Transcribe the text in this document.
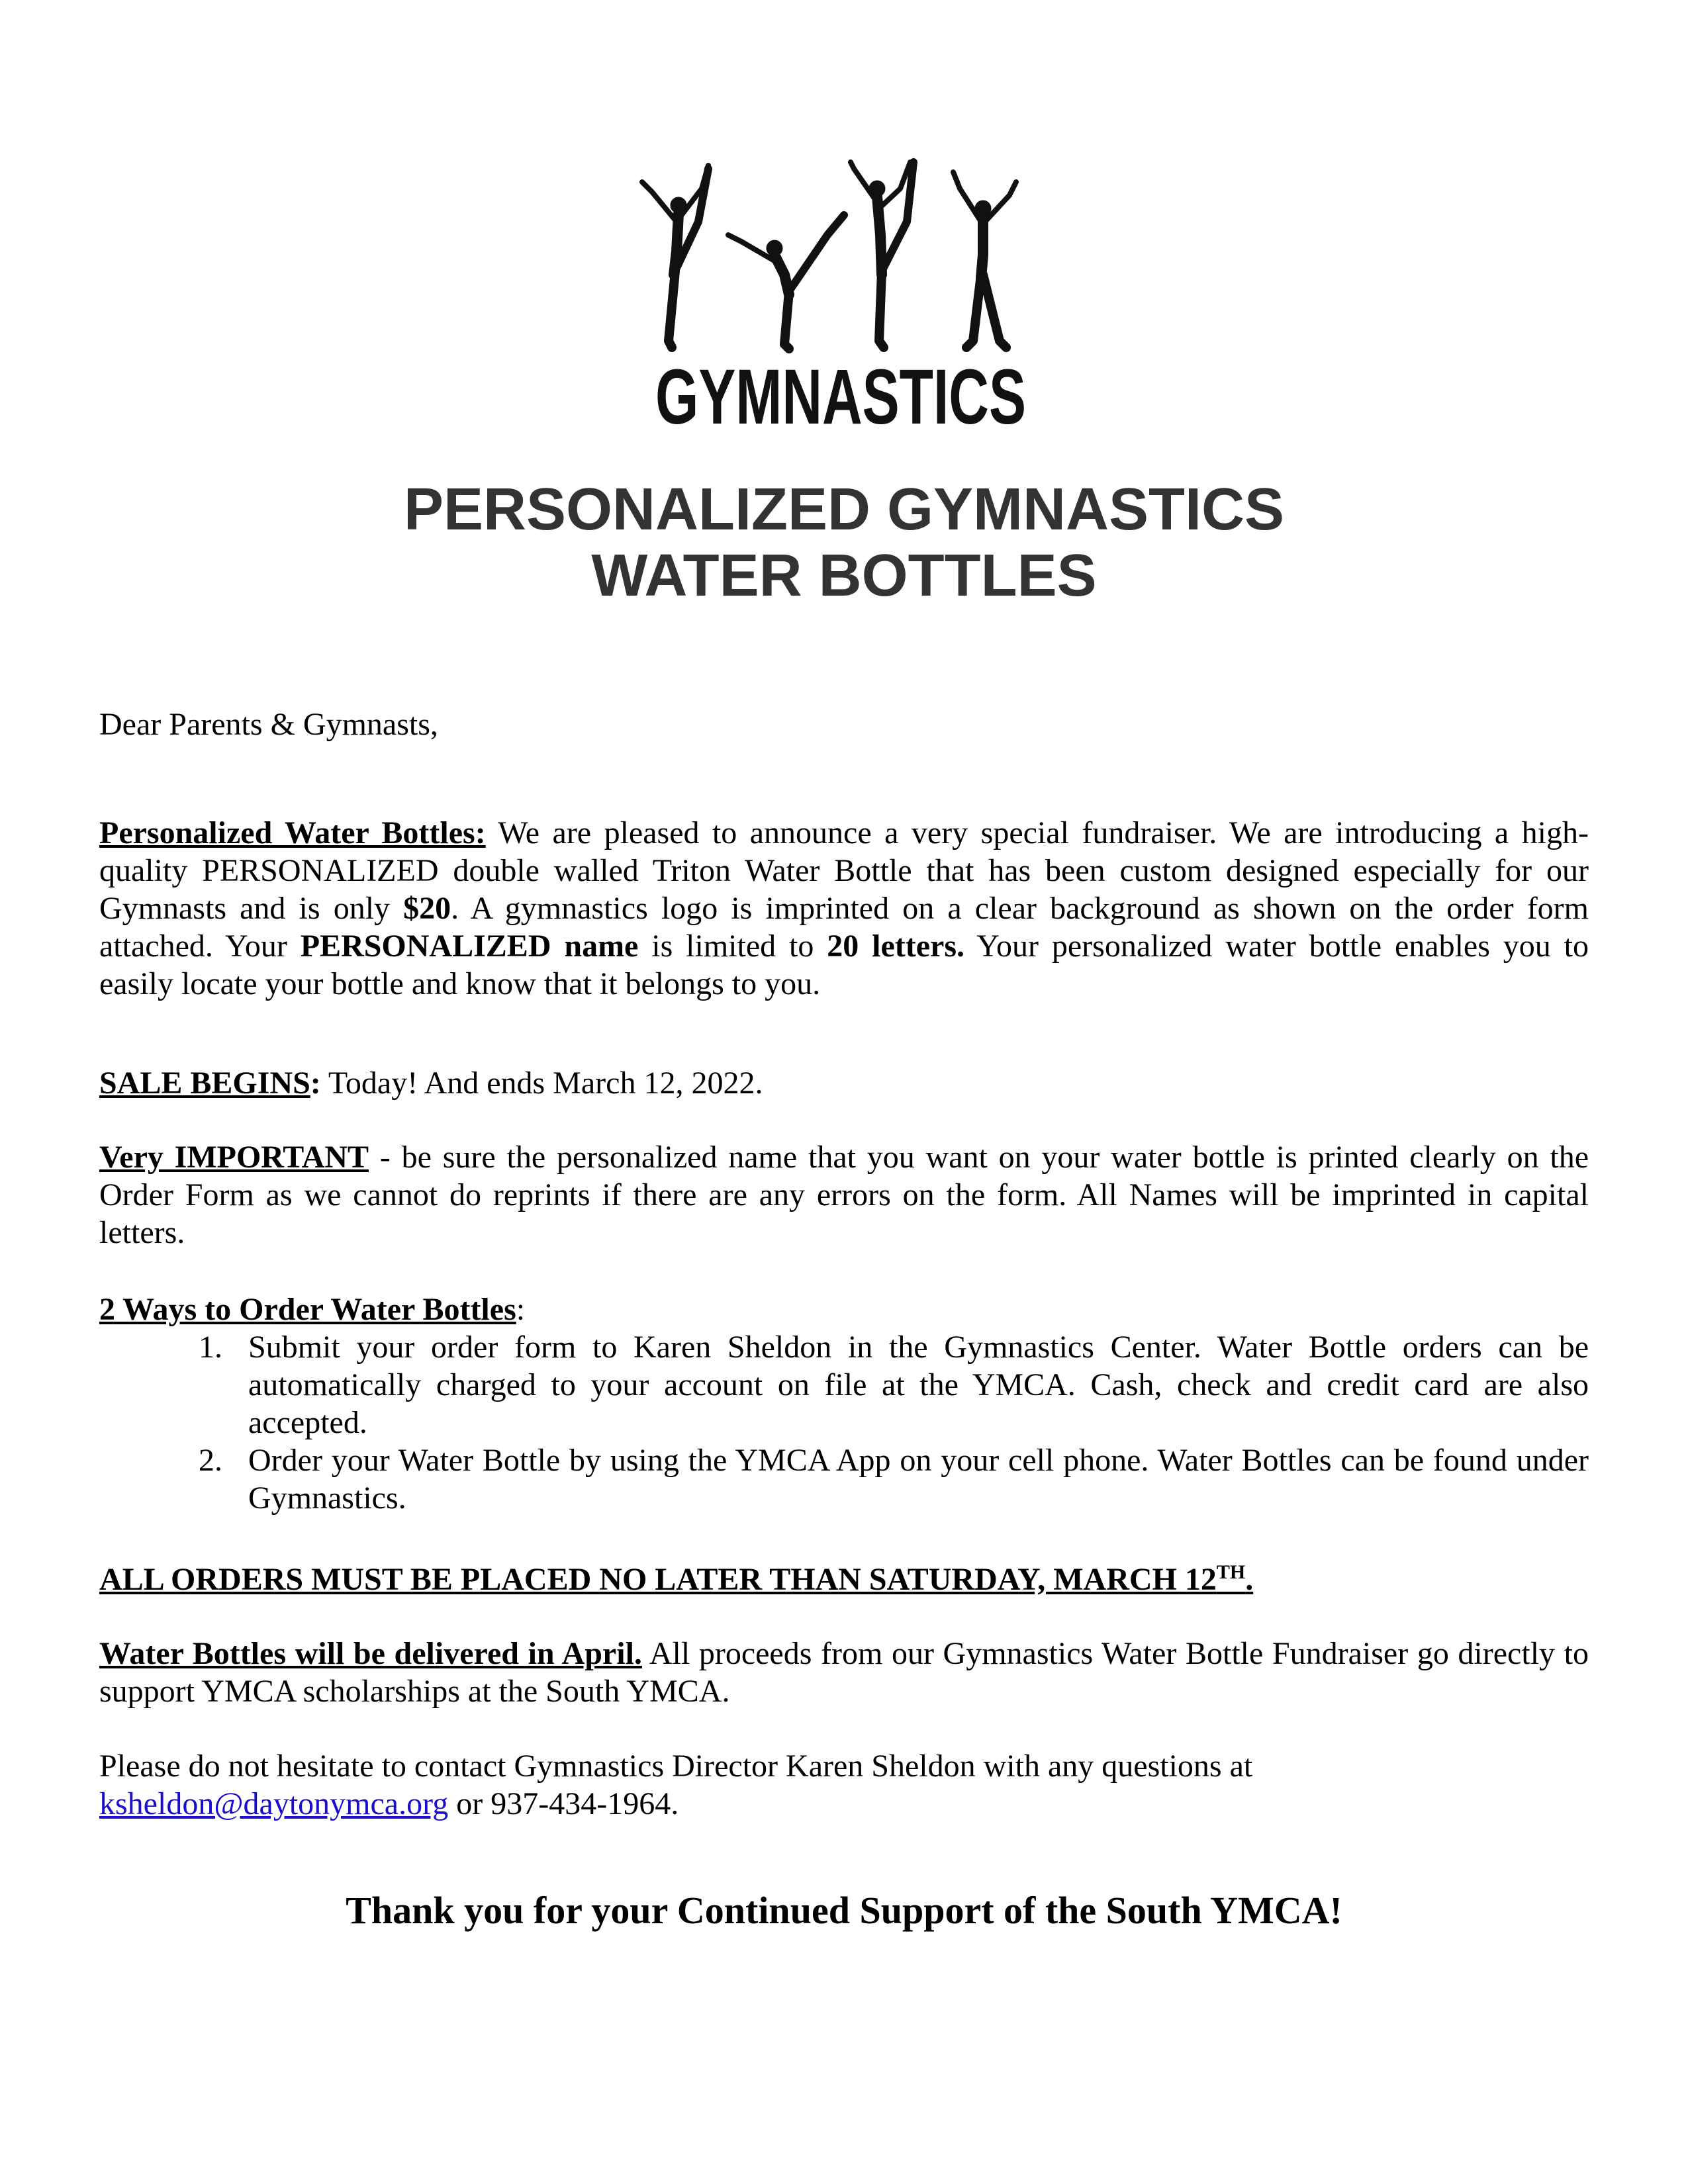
GYMNASTICS
PERSONALIZED GYMNASTICS
WATER BOTTLES
Dear Parents & Gymnasts,
Personalized Water Bottles: We are pleased to announce a very special fundraiser. We are introducing a high-quality PERSONALIZED double walled Triton Water Bottle that has been custom designed especially for our Gymnasts and is only $20. A gymnastics logo is imprinted on a clear background as shown on the order form attached. Your PERSONALIZED name is limited to 20 letters. Your personalized water bottle enables you to easily locate your bottle and know that it belongs to you.
SALE BEGINS: Today! And ends March 12, 2022.
Very IMPORTANT - be sure the personalized name that you want on your water bottle is printed clearly on the Order Form as we cannot do reprints if there are any errors on the form. All Names will be imprinted in capital letters.
2 Ways to Order Water Bottles:
1. Submit your order form to Karen Sheldon in the Gymnastics Center. Water Bottle orders can be automatically charged to your account on file at the YMCA. Cash, check and credit card are also accepted.
2. Order your Water Bottle by using the YMCA App on your cell phone. Water Bottles can be found under Gymnastics.
ALL ORDERS MUST BE PLACED NO LATER THAN SATURDAY, MARCH 12TH.
Water Bottles will be delivered in April. All proceeds from our Gymnastics Water Bottle Fundraiser go directly to support YMCA scholarships at the South YMCA.
Please do not hesitate to contact Gymnastics Director Karen Sheldon with any questions at
ksheldon@daytonymca.org or 937-434-1964.
Thank you for your Continued Support of the South YMCA!
